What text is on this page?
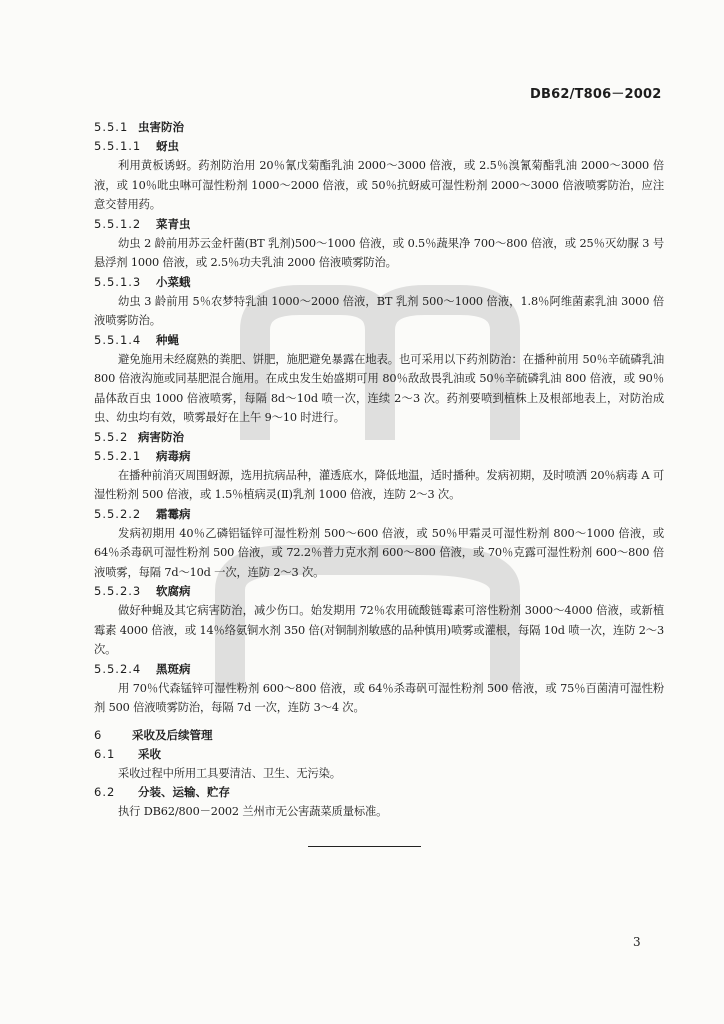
DB62/T806－2002
5.5.1 虫害防治
5.5.1.1 蚜虫

利用黄板诱蚜。药剂防治用 20％氰戊菊酯乳油 2000～3000 倍液，或 2.5％溴氰菊酯乳油 2000～3000 倍液，或 10％吡虫啉可湿性粉剂 1000～2000 倍液，或 50％抗蚜威可湿性粉剂 2000～3000 倍液喷雾防治，应注意交替用药。

5.5.1.2 菜青虫

幼虫 2 龄前用苏云金杆菌(BT 乳剂)500～1000 倍液，或 0.5％蔬果净 700～800 倍液，或 25％灭幼脲 3 号悬浮剂 1000 倍液，或 2.5％功夫乳油 2000 倍液喷雾防治。

5.5.1.3 小菜蛾

幼虫 3 龄前用 5％农梦特乳油 1000～2000 倍液，BT 乳剂 500～1000 倍液，1.8％阿维菌素乳油 3000 倍液喷雾防治。

5.5.1.4 种蝇

避免施用未经腐熟的粪肥、饼肥，施肥避免暴露在地表。也可采用以下药剂防治：在播种前用 50％辛硫磷乳油 800 倍液沟施或同基肥混合施用。在成虫发生始盛期可用 80％敌敌畏乳油或 50％辛硫磷乳油 800 倍液，或 90％晶体敌百虫 1000 倍液喷雾，每隔 8d～10d 喷一次，连续 2～3 次。药剂要喷到植株上及根部地表上，对防治成虫、幼虫均有效，喷雾最好在上午 9～10 时进行。

5.5.2 病害防治
5.5.2.1 病毒病

在播种前消灭周围蚜源，选用抗病品种，灌透底水，降低地温，适时播种。发病初期，及时喷洒 20％病毒 A 可湿性粉剂 500 倍液，或 1.5％植病灵(Ⅱ)乳剂 1000 倍液，连防 2～3 次。

5.5.2.2 霜霉病

发病初期用 40％乙磷铝锰锌可湿性粉剂 500～600 倍液，或 50％甲霜灵可湿性粉剂 800～1000 倍液，或 64％杀毒矾可湿性粉剂 500 倍液，或 72.2％普力克水剂 600～800 倍液，或 70％克露可湿性粉剂 600～800 倍液喷雾，每隔 7d～10d 一次，连防 2～3 次。

5.5.2.3 软腐病

做好种蝇及其它病害防治，减少伤口。始发期用 72％农用硫酸链霉素可溶性粉剂 3000～4000 倍液，或新植霉素 4000 倍液，或 14％络氨铜水剂 350 倍(对铜制剂敏感的品种慎用)喷雾或灌根，每隔 10d 喷一次，连防 2～3 次。

5.5.2.4 黑斑病

用 70％代森锰锌可湿性粉剂 600～800 倍液，或 64％杀毒矾可湿性粉剂 500 倍液，或 75％百菌清可湿性粉剂 500 倍液喷雾防治，每隔 7d 一次，连防 3～4 次。

6	采收及后续管理
6.1 采收

采收过程中所用工具要清洁、卫生、无污染。

6.2 分装、运输、贮存

执行 DB62/800－2002 兰州市无公害蔬菜质量标准。

3
